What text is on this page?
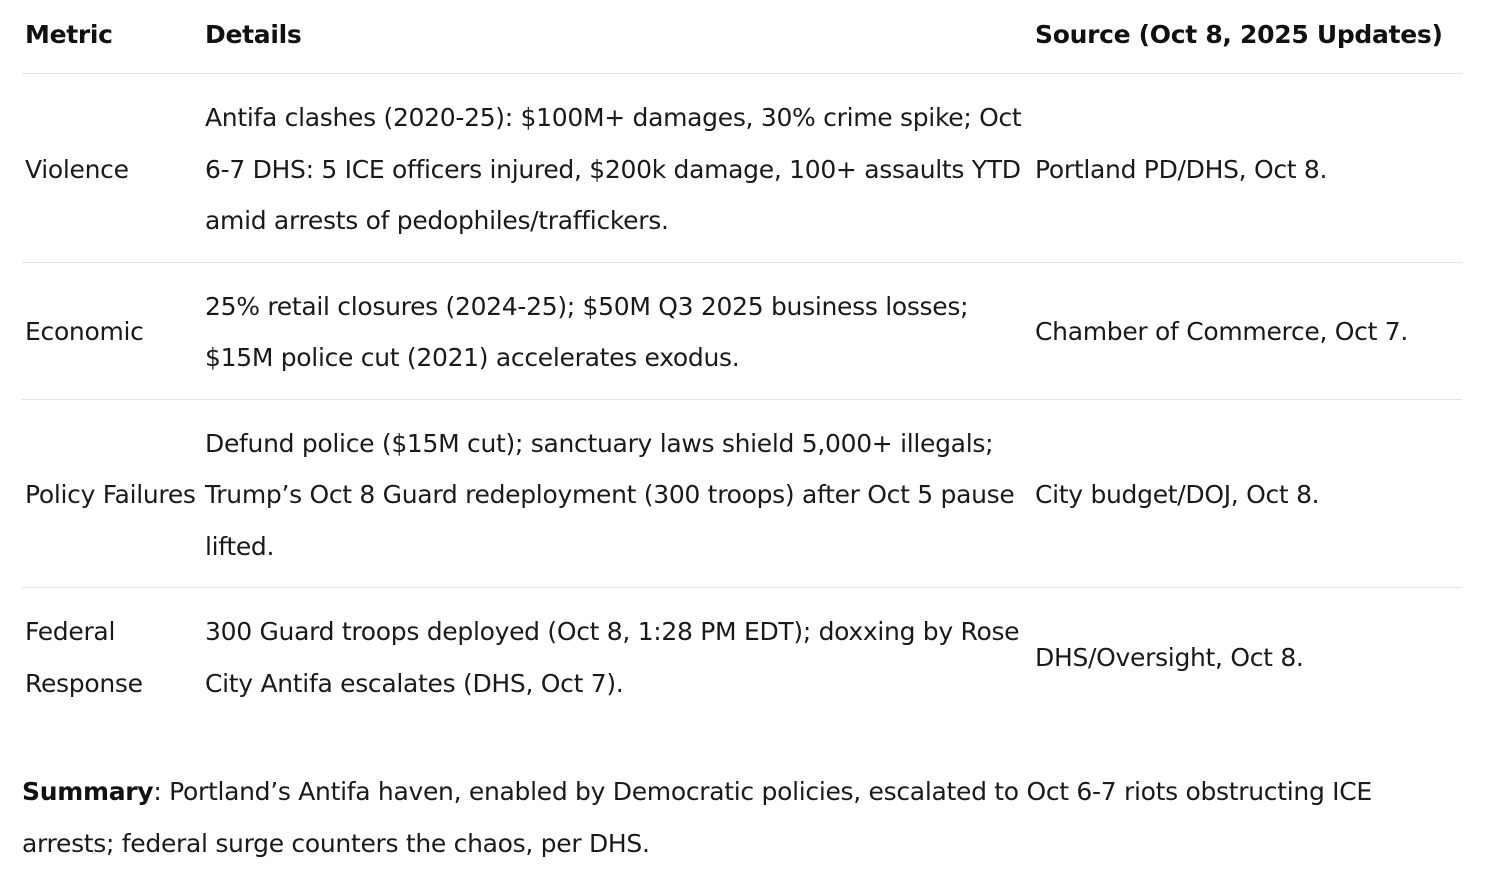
Metric	Details	Source (Oct 8, 2025 Updates)
Violence	Antifa clashes (2020-25): $100M+ damages, 30% crime spike; Oct 6-7 DHS: 5 ICE officers injured, $200k damage, 100+ assaults YTD amid arrests of pedophiles/traffickers.	Portland PD/DHS, Oct 8.
Economic	25% retail closures (2024-25); $50M Q3 2025 business losses; $15M police cut (2021) accelerates exodus.	Chamber of Commerce, Oct 7.
Policy Failures	Defund police ($15M cut); sanctuary laws shield 5,000+ illegals; Trump’s Oct 8 Guard redeployment (300 troops) after Oct 5 pause lifted.	City budget/DOJ, Oct 8.
Federal Response	300 Guard troops deployed (Oct 8, 1:28 PM EDT); doxxing by Rose City Antifa escalates (DHS, Oct 7).	DHS/Oversight, Oct 8.

Summary: Portland’s Antifa haven, enabled by Democratic policies, escalated to Oct 6-7 riots obstructing ICE arrests; federal surge counters the chaos, per DHS.
